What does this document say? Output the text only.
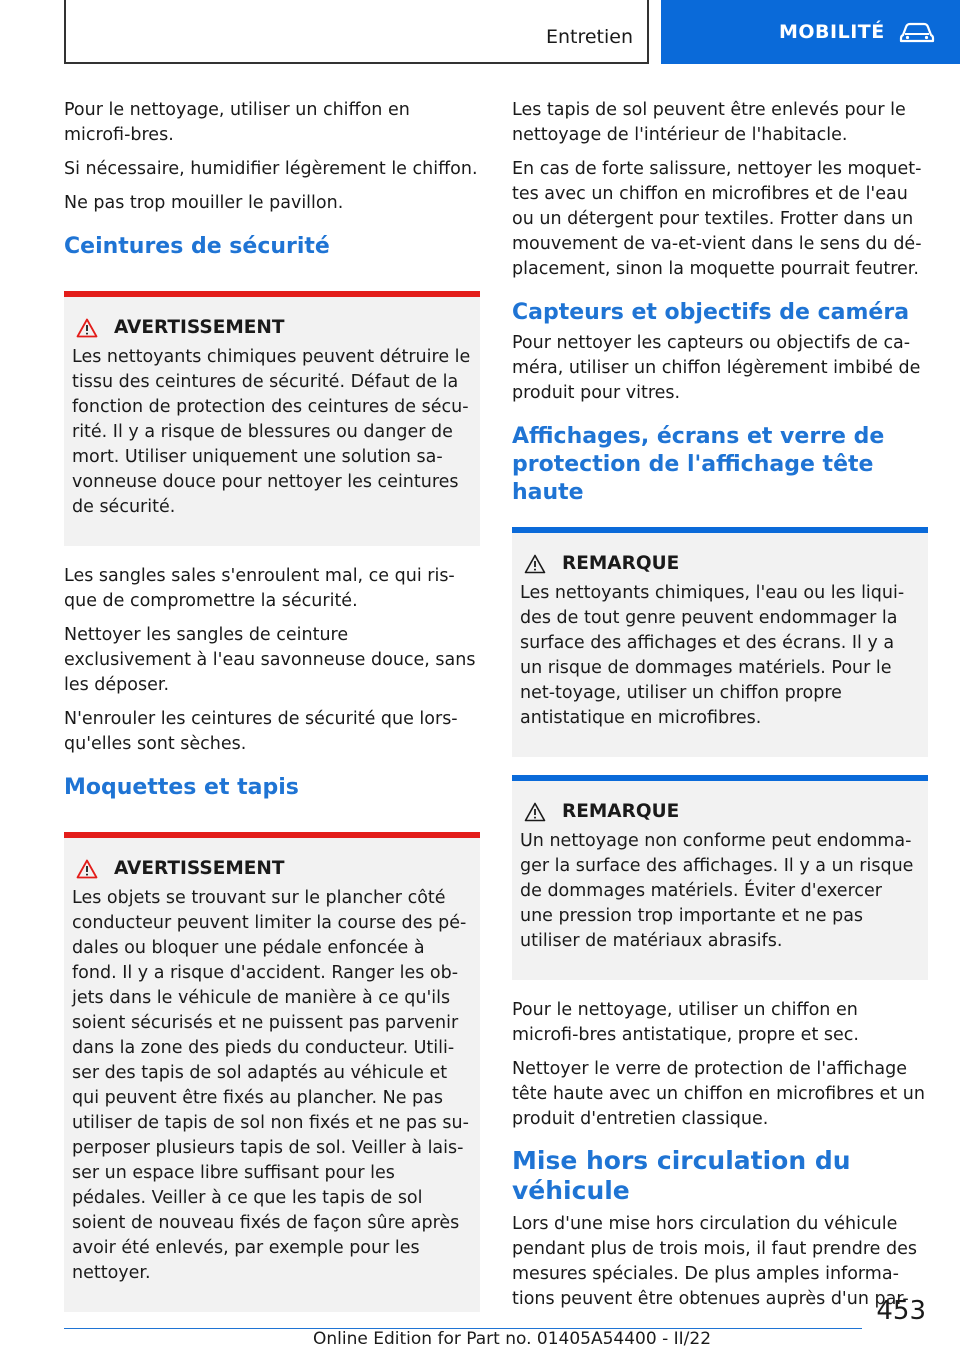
Entretien	MOBILITÉ

Pour le nettoyage, utiliser un chiffon en microfi-bres.

Si nécessaire, humidifier légèrement le chiffon.

Ne pas trop mouiller le pavillon.

Ceintures de sécurité
AVERTISSEMENT

Les nettoyants chimiques peuvent détruire le tissu des ceintures de sécurité. Défaut de la fonction de protection des ceintures de sécu-rité. Il y a risque de blessures ou danger de mort. Utiliser uniquement une solution sa-vonneuse douce pour nettoyer les ceintures de sécurité.

Les sangles sales s'enroulent mal, ce qui ris-que de compromettre la sécurité.

Nettoyer les sangles de ceinture exclusivement à l'eau savonneuse douce, sans les déposer.

N'enrouler les ceintures de sécurité que lors-qu'elles sont sèches.

Moquettes et tapis
AVERTISSEMENT

Les objets se trouvant sur le plancher côté conducteur peuvent limiter la course des pé-dales ou bloquer une pédale enfoncée à fond. Il y a risque d'accident. Ranger les ob-jets dans le véhicule de manière à ce qu'ils soient sécurisés et ne puissent pas parvenir dans la zone des pieds du conducteur. Utili-ser des tapis de sol adaptés au véhicule et qui peuvent être fixés au plancher. Ne pas utiliser de tapis de sol non fixés et ne pas su-perposer plusieurs tapis de sol. Veiller à lais-ser un espace libre suffisant pour les pédales. Veiller à ce que les tapis de sol soient de nouveau fixés de façon sûre après avoir été enlevés, par exemple pour les nettoyer.

Les tapis de sol peuvent être enlevés pour le nettoyage de l'intérieur de l'habitacle.

En cas de forte salissure, nettoyer les moquet-tes avec un chiffon en microfibres et de l'eau ou un détergent pour textiles. Frotter dans un mouvement de va-et-vient dans le sens du dé-placement, sinon la moquette pourrait feutrer.

Capteurs et objectifs de caméra

Pour nettoyer les capteurs ou objectifs de ca-méra, utiliser un chiffon légèrement imbibé de produit pour vitres.

Affichages, écrans et verre de protection de l'affichage tête haute
REMARQUE

Les nettoyants chimiques, l'eau ou les liqui-des de tout genre peuvent endommager la surface des affichages et des écrans. Il y a un risque de dommages matériels. Pour le net-toyage, utiliser un chiffon propre antistatique en microfibres.

REMARQUE

Un nettoyage non conforme peut endomma-ger la surface des affichages. Il y a un risque de dommages matériels. Éviter d'exercer une pression trop importante et ne pas utiliser de matériaux abrasifs.

Pour le nettoyage, utiliser un chiffon en microfi-bres antistatique, propre et sec.

Nettoyer le verre de protection de l'affichage tête haute avec un chiffon en microfibres et un produit d'entretien classique.

Mise hors circulation du véhicule

Lors d'une mise hors circulation du véhicule pendant plus de trois mois, il faut prendre des mesures spéciales. De plus amples informa-tions peuvent être obtenues auprès d'un par-

453
Online Edition for Part no. 01405A54400 - II/22
